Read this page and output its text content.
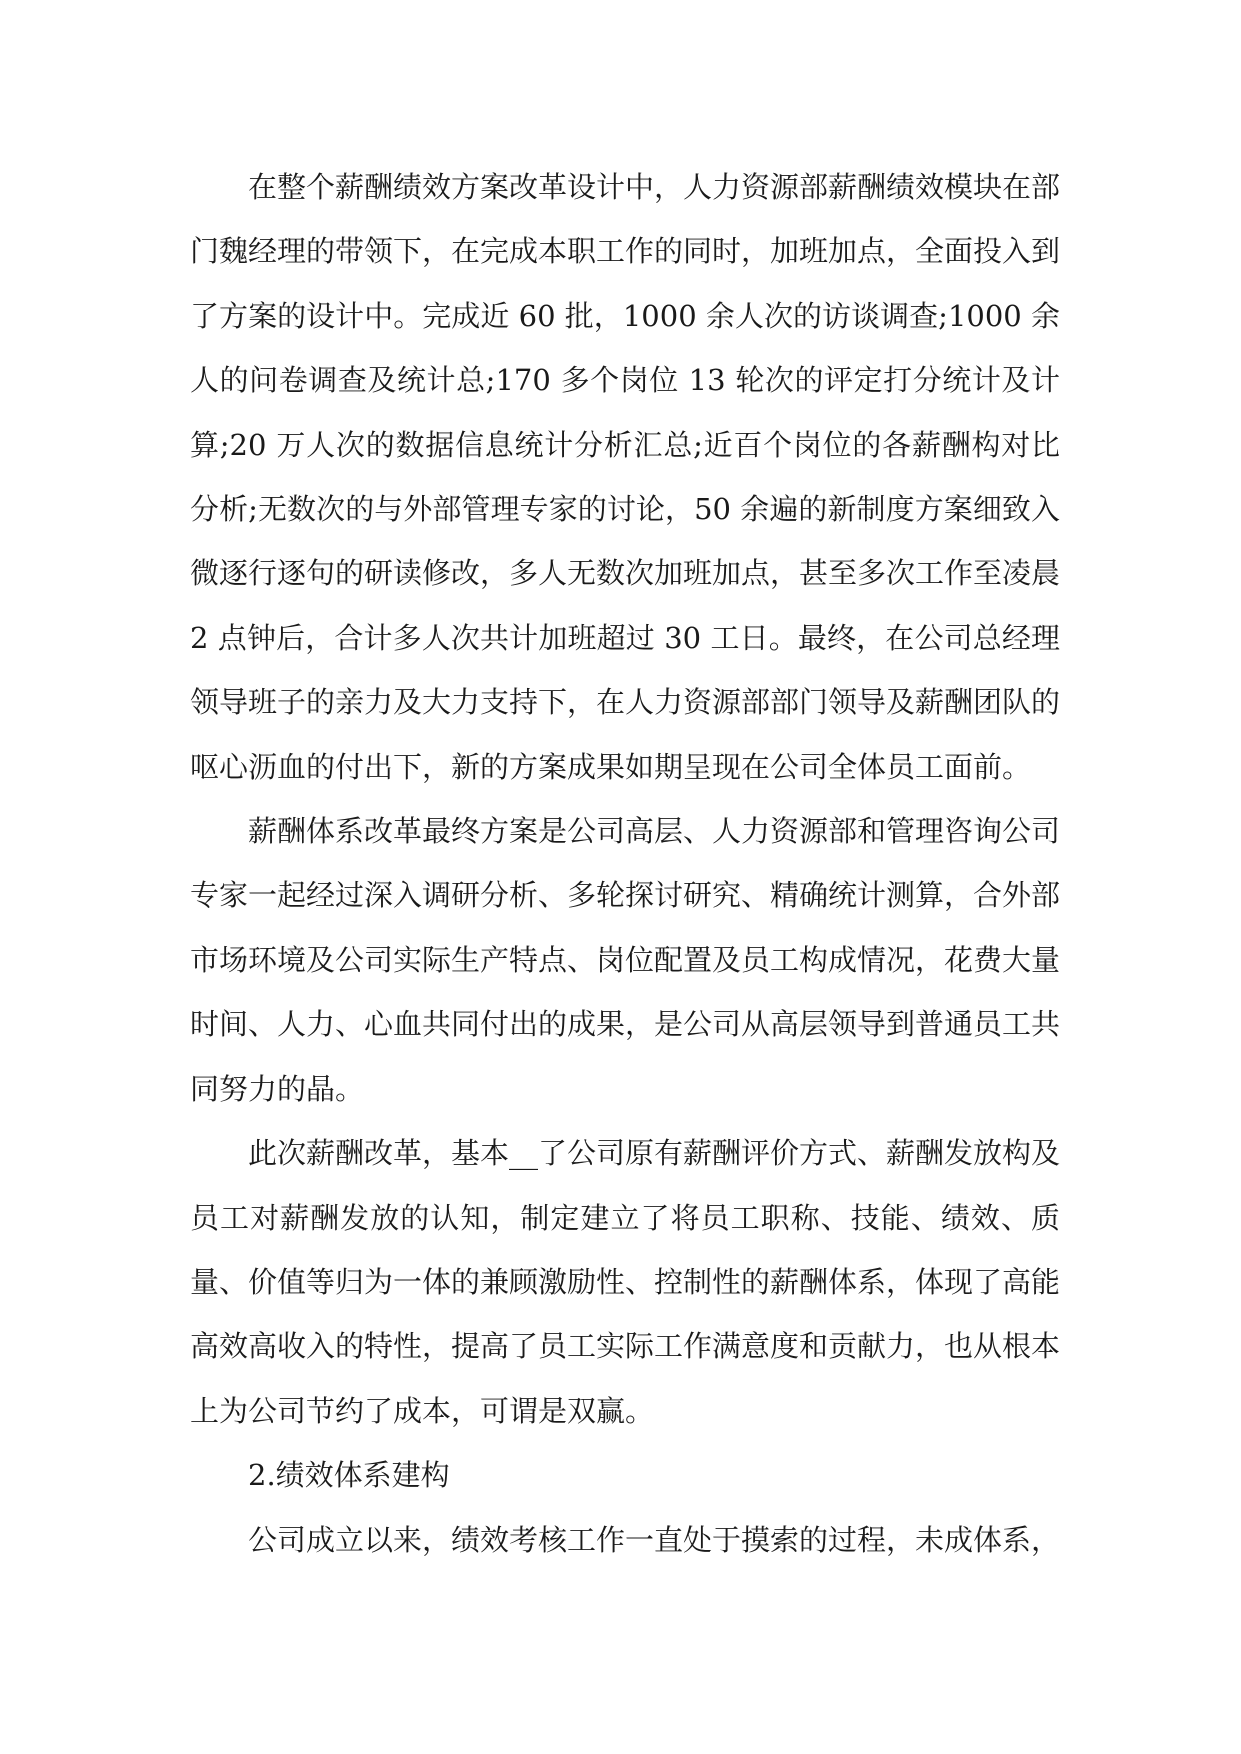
在整个薪酬绩效方案改革设计中，人力资源部薪酬绩效模块在部门魏经理的带领下，在完成本职工作的同时，加班加点，全面投入到了方案的设计中。完成近 60 批，1000 余人次的访谈调查;1000 余人的问卷调查及统计总;170 多个岗位 13 轮次的评定打分统计及计算;20 万人次的数据信息统计分析汇总;近百个岗位的各薪酬构对比分析;无数次的与外部管理专家的讨论，50 余遍的新制度方案细致入微逐行逐句的研读修改，多人无数次加班加点，甚至多次工作至凌晨 2 点钟后，合计多人次共计加班超过 30 工日。最终，在公司总经理领导班子的亲力及大力支持下，在人力资源部部门领导及薪酬团队的呕心沥血的付出下，新的方案成果如期呈现在公司全体员工面前。

薪酬体系改革最终方案是公司高层、人力资源部和管理咨询公司专家一起经过深入调研分析、多轮探讨研究、精确统计测算，合外部市场环境及公司实际生产特点、岗位配置及员工构成情况，花费大量时间、人力、心血共同付出的成果，是公司从高层领导到普通员工共同努力的晶。

此次薪酬改革，基本__了公司原有薪酬评价方式、薪酬发放构及员工对薪酬发放的认知，制定建立了将员工职称、技能、绩效、质量、价值等归为一体的兼顾激励性、控制性的薪酬体系，体现了高能高效高收入的特性，提高了员工实际工作满意度和贡献力，也从根本上为公司节约了成本，可谓是双赢。

2.绩效体系建构

公司成立以来，绩效考核工作一直处于摸索的过程，未成体系，
